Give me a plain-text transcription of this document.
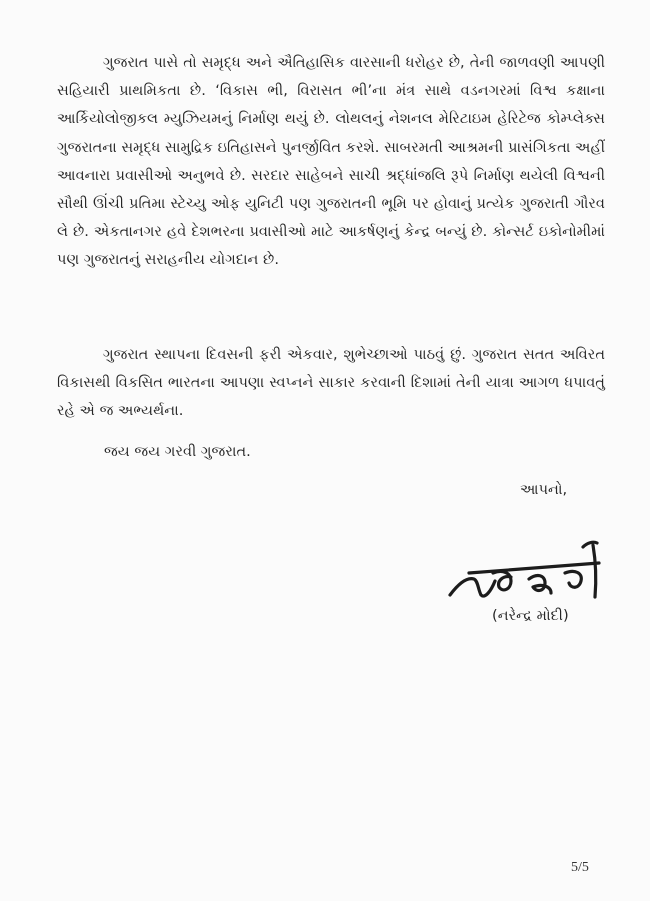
ગુજરાત પાસે તો સમૃદ્ધ અને ઐતિહાસિક વારસાની ધરોહર છે, તેની જાળવણી આપણી સહિયારી પ્રાથમિકતા છે. ‘વિકાસ ભી, વિરાસત ભી’ના મંત્ર સાથે વડનગરમાં વિશ્વ કક્ષાના આર્કિયોલોજીકલ મ્યુઝિયમનું નિર્માણ થયું છે. લોથલનું નેશનલ મેરિટાઇમ હેરિટેજ કોમ્પ્લેક્સ ગુજરાતના સમૃદ્ધ સામુદ્રિક ઇતિહાસને પુનર્જીવિત કરશે. સાબરમતી આશ્રમની પ્રાસંગિકતા અહીં આવનારા પ્રવાસીઓ અનુભવે છે. સરદાર સાહેબને સાચી શ્રદ્ધાંજલિ રૂપે નિર્માણ થયેલી વિશ્વની સૌથી ઊંચી પ્રતિમા સ્ટેચ્યુ ઓફ યુનિટી પણ ગુજરાતની ભૂમિ પર હોવાનું પ્રત્યેક ગુજરાતી ગૌરવ લે છે. એકતાનગર હવે દેશભરના પ્રવાસીઓ માટે આકર્ષણનું કેન્દ્ર બન્યું છે. કોન્સર્ટ ઇકોનોમીમાં પણ ગુજરાતનું સરાહનીય યોગદાન છે.

ગુજરાત સ્થાપના દિવસની ફરી એકવાર, શુભેચ્છાઓ પાઠવું છું. ગુજરાત સતત અવિરત વિકાસથી વિકસિત ભારતના આપણા સ્વપ્નને સાકાર કરવાની દિશામાં તેની યાત્રા આગળ ધપાવતું રહે એ જ અભ્યર્થના.

જય જય ગરવી ગુજરાત.
આપનો,
(નરેન્દ્ર મોદી)
5/5
